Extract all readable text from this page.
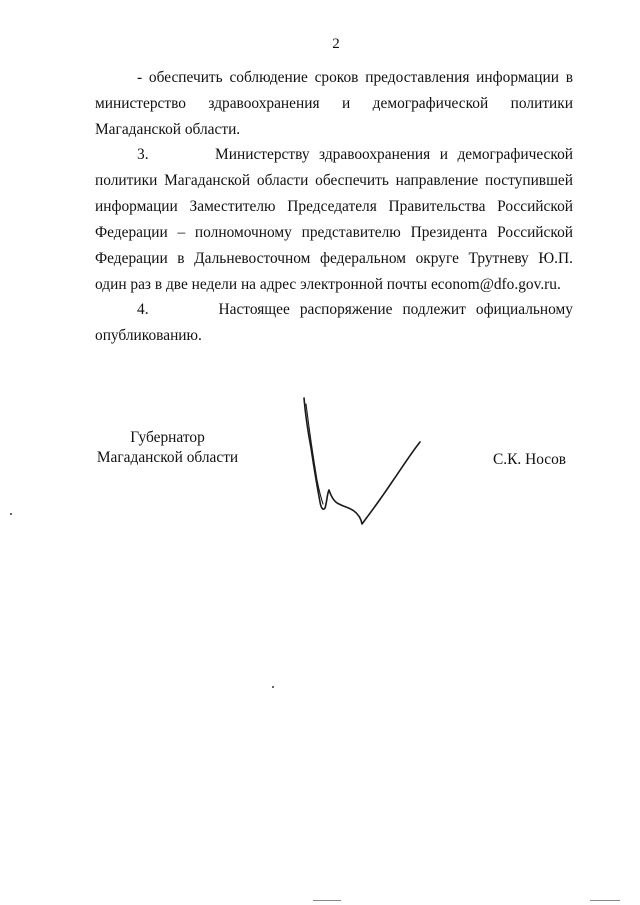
2
- обеспечить соблюдение сроков предоставления информации в министерство здравоохранения и демографической политики Магаданской области.
3.       Министерству здравоохранения и демографической политики Магаданской области обеспечить направление поступившей информации Заместителю Председателя Правительства Российской Федерации – полномочному представителю Президента Российской Федерации в Дальневосточном федеральном округе Трутневу Ю.П. один раз в две недели на адрес электронной почты econom@dfo.gov.ru.
4.       Настоящее распоряжение подлежит официальному опубликованию.
Губернатор
Магаданской области	С.К. Носов
